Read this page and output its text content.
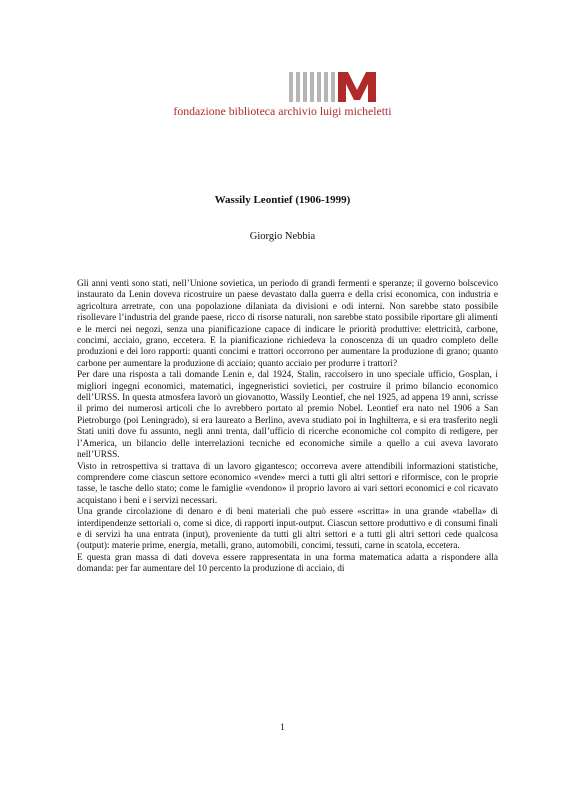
fondazione biblioteca archivio luigi micheletti
Wassily Leontief (1906-1999)
Giorgio Nebbia

Gli anni venti sono stati, nell’Unione sovietica, un periodo di grandi fermenti e speranze; il governo bolscevico instaurato da Lenin doveva ricostruire un paese devastato dalla guerra e della crisi economica, con industria e agricoltura arretrate, con una popolazione dilaniata da divisioni e odi interni. Non sarebbe stato possibile risollevare l’industria del grande paese, ricco di risorse naturali, non sarebbe stato possibile riportare gli alimenti e le merci nei negozi, senza una pianificazione capace di indicare le priorità produttive: elettricità, carbone, concimi, acciaio, grano, eccetera. E la pianificazione richiedeva la conoscenza di un quadro completo delle produzioni e dei loro rapporti: quanti concimi e trattori occorrono per aumentare la produzione di grano; quanto carbone per aumentare la produzione di acciaio; quanto acciaio per produrre i trattori?

Per dare una risposta a tali domande Lenin e, dal 1924, Stalin, raccolsero in uno speciale ufficio, Gosplan, i migliori ingegni economici, matematici, ingegneristici sovietici, per costruire il primo bilancio economico dell’URSS. In questa atmosfera lavorò un giovanotto, Wassily Leontief, che nel 1925, ad appena 19 anni, scrisse il primo dei numerosi articoli che lo avrebbero portato al premio Nobel. Leontief era nato nel 1906 a San Pietroburgo (poi Leningrado), si era laureato a Berlino, aveva studiato poi in Inghilterra, e si era trasferito negli Stati uniti dove fu assunto, negli anni trenta, dall’ufficio di ricerche economiche col compito di redigere, per l’America, un bilancio delle interrelazioni tecniche ed economiche simile a quello a cui aveva lavorato nell’URSS.

Visto in retrospettiva si trattava di un lavoro gigantesco; occorreva avere attendibili informazioni statistiche, comprendere come ciascun settore economico «vende» merci a tutti gli altri settori e riformisce, con le proprie tasse, le tasche dello stato; come le famiglie «vendono» il proprio lavoro ai vari settori economici e col ricavato acquistano i beni e i servizi necessari.

Una grande circolazione di denaro e di beni materiali che può essere «scritta» in una grande «tabella» di interdipendenze settoriali o, come si dice, di rapporti input-output. Ciascun settore produttivo e di consumi finali e di servizi ha una entrata (input), proveniente da tutti gli altri settori e a tutti gli altri settori cede qualcosa (output): materie prime, energia, metalli, grano, automobili, concimi, tessuti, carne in scatola, eccetera.

E questa gran massa di dati doveva essere rappresentata in una forma matematica adatta a rispondere alla domanda: per far aumentare del 10 percento la produzione di acciaio, di

1
